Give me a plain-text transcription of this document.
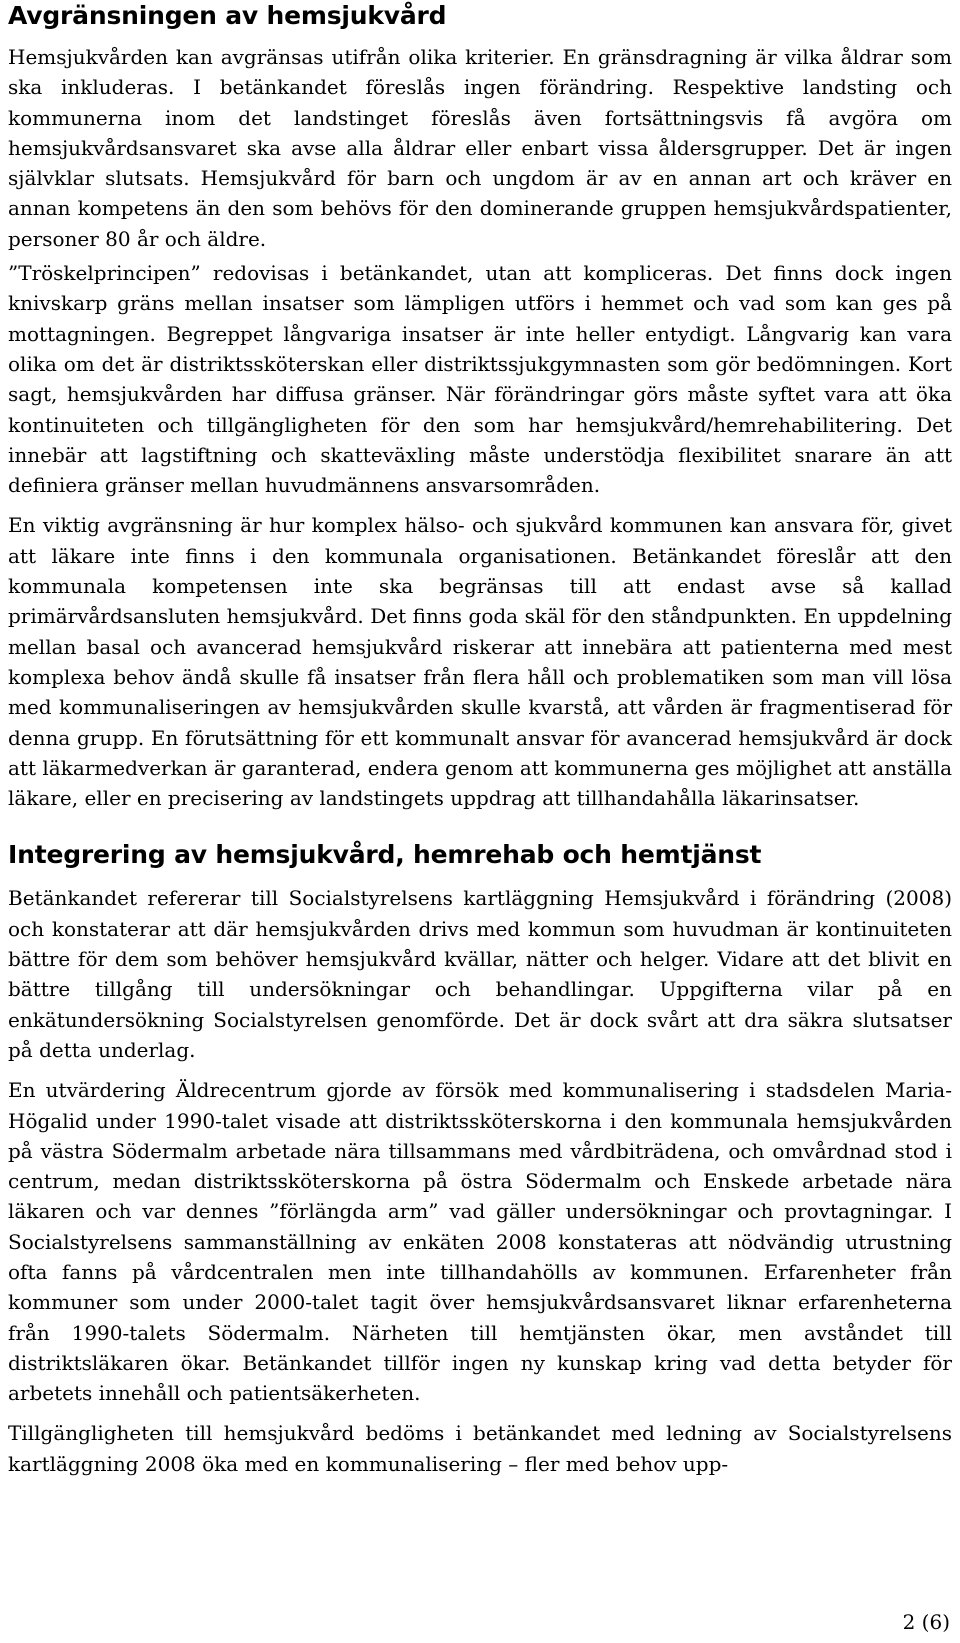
Avgränsningen av hemsjukvård

Hemsjukvården kan avgränsas utifrån olika kriterier. En gränsdragning är vilka åldrar som ska inkluderas. I betänkandet föreslås ingen förändring. Respektive landsting och kommunerna inom det landstinget föreslås även fortsättningsvis få avgöra om hemsjukvårdsansvaret ska avse alla åldrar eller enbart vissa åldersgrupper. Det är ingen självklar slutsats. Hemsjukvård för barn och ungdom är av en annan art och kräver en annan kompetens än den som behövs för den dominerande gruppen hemsjukvårdspatienter, personer 80 år och äldre.

”Tröskelprincipen” redovisas i betänkandet, utan att kompliceras. Det finns dock ingen knivskarp gräns mellan insatser som lämpligen utförs i hemmet och vad som kan ges på mottagningen. Begreppet långvariga insatser är inte heller entydigt. Långvarig kan vara olika om det är distriktssköterskan eller distriktssjukgymnasten som gör bedömningen. Kort sagt, hemsjukvården har diffusa gränser. När förändringar görs måste syftet vara att öka kontinuiteten och tillgängligheten för den som har hemsjukvård/hemrehabilitering. Det innebär att lagstiftning och skatteväxling måste understödja flexibilitet snarare än att definiera gränser mellan huvudmännens ansvarsområden.

En viktig avgränsning är hur komplex hälso- och sjukvård kommunen kan ansvara för, givet att läkare inte finns i den kommunala organisationen. Betänkandet föreslår att den kommunala kompetensen inte ska begränsas till att endast avse så kallad primärvårdsansluten hemsjukvård. Det finns goda skäl för den ståndpunkten. En uppdelning mellan basal och avancerad hemsjukvård riskerar att innebära att patienterna med mest komplexa behov ändå skulle få insatser från flera håll och problematiken som man vill lösa med kommunaliseringen av hemsjukvården skulle kvarstå, att vården är fragmentiserad för denna grupp. En förutsättning för ett kommunalt ansvar för avancerad hemsjukvård är dock att läkarmedverkan är garanterad, endera genom att kommunerna ges möjlighet att anställa läkare, eller en precisering av landstingets uppdrag att tillhandahålla läkarinsatser.

Integrering av hemsjukvård, hemrehab och hemtjänst

Betänkandet refererar till Socialstyrelsens kartläggning Hemsjukvård i förändring (2008) och konstaterar att där hemsjukvården drivs med kommun som huvudman är kontinuiteten bättre för dem som behöver hemsjukvård kvällar, nätter och helger. Vidare att det blivit en bättre tillgång till undersökningar och behandlingar. Uppgifterna vilar på en enkätundersökning Socialstyrelsen genomförde. Det är dock svårt att dra säkra slutsatser på detta underlag.

En utvärdering Äldrecentrum gjorde av försök med kommunalisering i stadsdelen Maria-Högalid under 1990-talet visade att distriktssköterskorna i den kommunala hemsjukvården på västra Södermalm arbetade nära tillsammans med vårdbiträdena, och omvårdnad stod i centrum, medan distriktssköterskorna på östra Södermalm och Enskede arbetade nära läkaren och var dennes ”förlängda arm” vad gäller undersökningar och provtagningar. I Socialstyrelsens sammanställning av enkäten 2008 konstateras att nödvändig utrustning ofta fanns på vårdcentralen men inte tillhandahölls av kommunen. Erfarenheter från kommuner som under 2000-talet tagit över hemsjukvårdsansvaret liknar erfarenheterna från 1990-talets Södermalm. Närheten till hemtjänsten ökar, men avståndet till distriktsläkaren ökar. Betänkandet tillför ingen ny kunskap kring vad detta betyder för arbetets innehåll och patientsäkerheten.

Tillgängligheten till hemsjukvård bedöms i betänkandet med ledning av Socialstyrelsens kartläggning 2008 öka med en kommunalisering – fler med behov upp-

2 (6)
